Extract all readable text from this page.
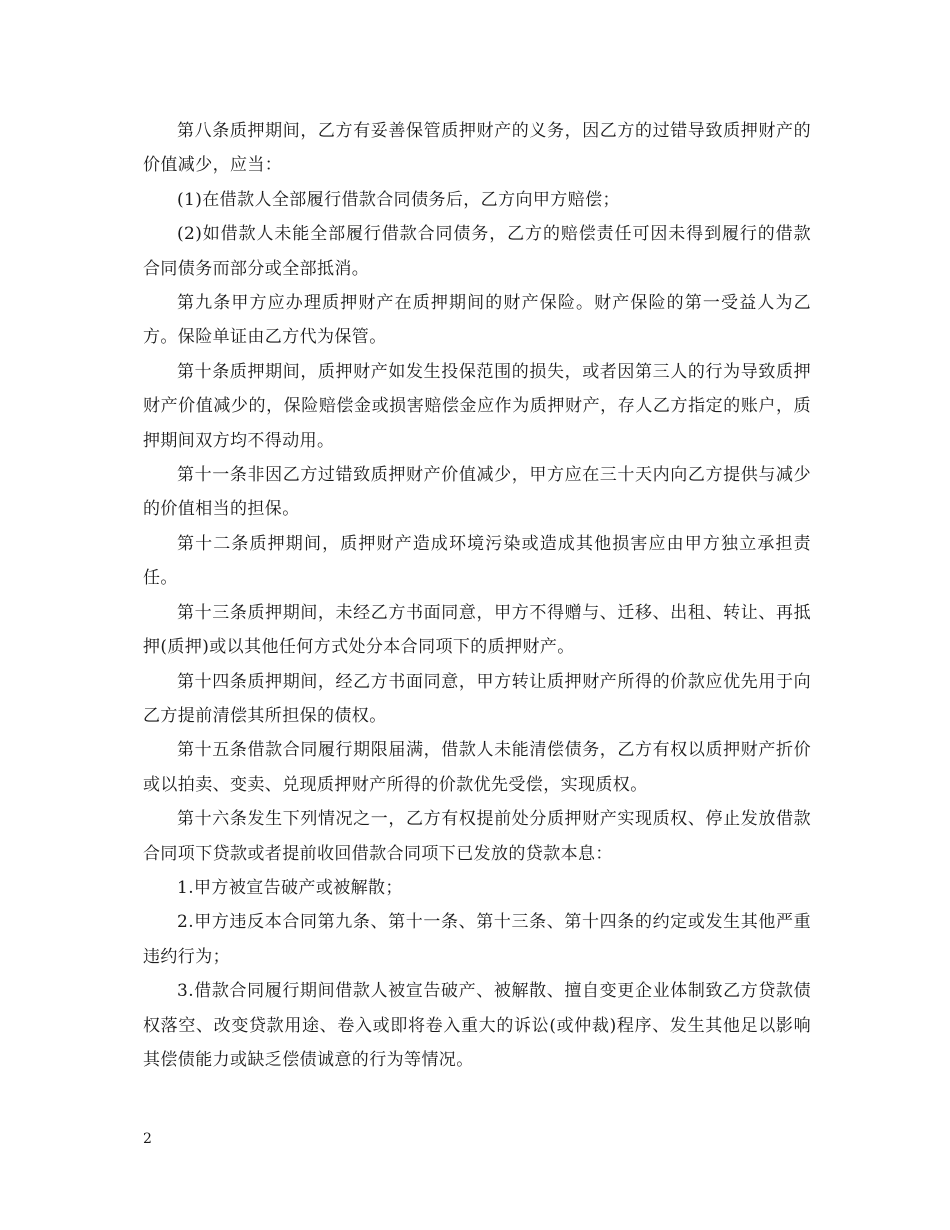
第八条质押期间，乙方有妥善保管质押财产的义务，因乙方的过错导致质押财产的价值减少，应当：

(1)在借款人全部履行借款合同债务后，乙方向甲方赔偿；

(2)如借款人未能全部履行借款合同债务，乙方的赔偿责任可因未得到履行的借款合同债务而部分或全部抵消。

第九条甲方应办理质押财产在质押期间的财产保险。财产保险的第一受益人为乙方。保险单证由乙方代为保管。

第十条质押期间，质押财产如发生投保范围的损失，或者因第三人的行为导致质押财产价值减少的，保险赔偿金或损害赔偿金应作为质押财产，存人乙方指定的账户，质押期间双方均不得动用。

第十一条非因乙方过错致质押财产价值减少，甲方应在三十天内向乙方提供与减少的价值相当的担保。

第十二条质押期间，质押财产造成环境污染或造成其他损害应由甲方独立承担责任。

第十三条质押期间，未经乙方书面同意，甲方不得赠与、迁移、出租、转让、再抵押(质押)或以其他任何方式处分本合同项下的质押财产。

第十四条质押期间，经乙方书面同意，甲方转让质押财产所得的价款应优先用于向乙方提前清偿其所担保的债权。

第十五条借款合同履行期限届满，借款人未能清偿债务，乙方有权以质押财产折价或以拍卖、变卖、兑现质押财产所得的价款优先受偿，实现质权。

第十六条发生下列情况之一，乙方有权提前处分质押财产实现质权、停止发放借款合同项下贷款或者提前收回借款合同项下已发放的贷款本息：

1.甲方被宣告破产或被解散；

2.甲方违反本合同第九条、第十一条、第十三条、第十四条的约定或发生其他严重违约行为；

3.借款合同履行期间借款人被宣告破产、被解散、擅自变更企业体制致乙方贷款债权落空、改变贷款用途、卷入或即将卷入重大的诉讼(或仲裁)程序、发生其他足以影响其偿债能力或缺乏偿债诚意的行为等情况。

2
